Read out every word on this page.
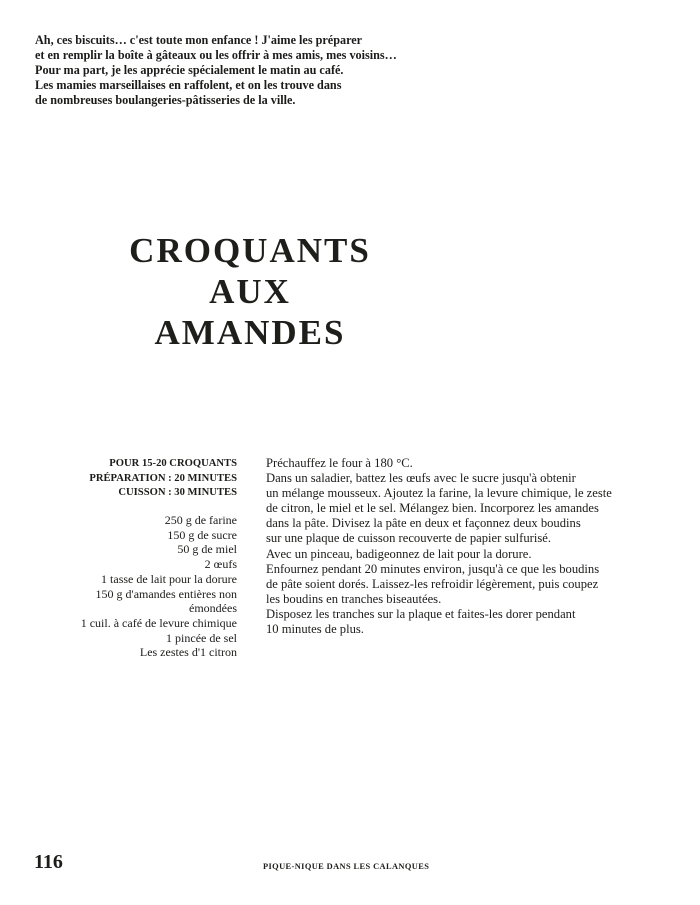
Ah, ces biscuits… c'est toute mon enfance ! J'aime les préparer
et en remplir la boîte à gâteaux ou les offrir à mes amis, mes voisins…
Pour ma part, je les apprécie spécialement le matin au café.
Les mamies marseillaises en raffolent, et on les trouve dans
de nombreuses boulangeries-pâtisseries de la ville.
CROQUANTS
AUX
AMANDES
POUR 15-20 CROQUANTS
PRÉPARATION : 20 MINUTES
CUISSON : 30 MINUTES
250 g de farine
150 g de sucre
50 g de miel
2 œufs
1 tasse de lait pour la dorure
150 g d'amandes entières non
émondées
1 cuil. à café de levure chimique
1 pincée de sel
Les zestes d'1 citron
Préchauffez le four à 180 °C.
Dans un saladier, battez les œufs avec le sucre jusqu'à obtenir
un mélange mousseux. Ajoutez la farine, la levure chimique, le zeste
de citron, le miel et le sel. Mélangez bien. Incorporez les amandes
dans la pâte. Divisez la pâte en deux et façonnez deux boudins
sur une plaque de cuisson recouverte de papier sulfurisé.
Avec un pinceau, badigeonnez de lait pour la dorure.
Enfournez pendant 20 minutes environ, jusqu'à ce que les boudins
de pâte soient dorés. Laissez-les refroidir légèrement, puis coupez
les boudins en tranches biseautées.
Disposez les tranches sur la plaque et faites-les dorer pendant
10 minutes de plus.
116	PIQUE-NIQUE DANS LES CALANQUES
